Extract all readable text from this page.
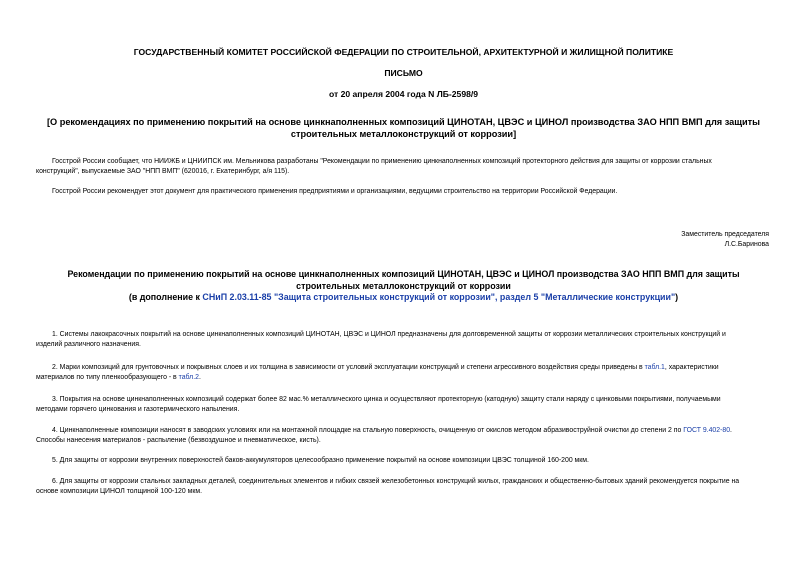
ГОСУДАРСТВЕННЫЙ КОМИТЕТ РОССИЙСКОЙ ФЕДЕРАЦИИ ПО СТРОИТЕЛЬНОЙ, АРХИТЕКТУРНОЙ И ЖИЛИЩНОЙ ПОЛИТИКЕ
ПИСЬМО
от 20 апреля 2004 года N ЛБ-2598/9
[О рекомендациях по применению покрытий на основе цинкнаполненных композиций ЦИНОТАН, ЦВЭС и ЦИНОЛ производства ЗАО НПП ВМП для защиты
строительных металлоконструкций от коррозии]
Госстрой России сообщает, что НИИЖБ и ЦНИИПСК им. Мельникова разработаны "Рекомендации по применению цинкнаполненных композиций протекторного действия для защиты от коррозии стальных
конструкций", выпускаемые ЗАО "НПП ВМП" (620016, г. Екатеринбург, а/я 115).
Госстрой России рекомендует этот документ для практического применения предприятиями и организациями, ведущими строительство на территории Российской Федерации.
Заместитель председателя
Л.С.Баринова
Рекомендации по применению покрытий на основе цинкнаполненных композиций ЦИНОТАН, ЦВЭС и ЦИНОЛ производства ЗАО НПП ВМП для защиты
строительных металлоконструкций от коррозии
(в дополнение к СНиП 2.03.11-85 "Защита строительных конструкций от коррозии", раздел 5 "Металлические конструкции")
1. Системы лакокрасочных покрытий на основе цинкнаполненных композиций ЦИНОТАН, ЦВЭС и ЦИНОЛ предназначены для долговременной защиты от коррозии металлических строительных конструкций и
изделий различного назначения.
2. Марки композиций для грунтовочных и покрывных слоев и их толщина в зависимости от условий эксплуатации конструкций и степени агрессивного воздействия среды приведены в табл.1, характеристики
материалов по типу пленкообразующего - в табл.2.
3. Покрытия на основе цинкнаполненных композиций содержат более 82 мас.% металлического цинка и осуществляют протекторную (катодную) защиту стали наряду с цинковыми покрытиями, получаемыми
методами горячего цинкования и газотермического напыления.
4. Цинкнаполненные композиции наносят в заводских условиях или на монтажной площадке на стальную поверхность, очищенную от окислов методом абразивоструйной очистки до степени 2 по ГОСТ 9.402-80.
Способы нанесения материалов - распыление (безвоздушное и пневматическое, кисть).
5. Для защиты от коррозии внутренних поверхностей баков-аккумуляторов целесообразно применение покрытий на основе композиции ЦВЭС толщиной 160-200 мкм.
6. Для защиты от коррозии стальных закладных деталей, соединительных элементов и гибких связей железобетонных конструкций жилых, гражданских и общественно-бытовых зданий рекомендуется покрытие на
основе композиции ЦИНОЛ толщиной 100-120 мкм.
